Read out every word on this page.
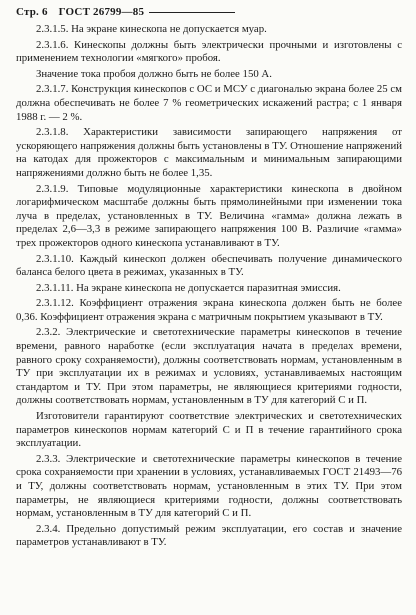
Стр. 6 ГОСТ 26799—85

2.3.1.5. На экране кинескопа не допускается муар.

2.3.1.6. Кинескопы должны быть электрически прочными и изготовлены с применением технологии «мягкого» пробоя.

Значение тока пробоя должно быть не более 150 А.

2.3.1.7. Конструкция кинескопов с ОС и МСУ с диагональю экрана более 25 см должна обеспечивать не более 7 % геометрических искажений растра; с 1 января 1988 г. — 2 %.

2.3.1.8. Характеристики зависимости запирающего напряжения от ускоряющего напряжения должны быть установлены в ТУ. Отношение напряжений на катодах для прожекторов с максимальным и минимальным запирающими напряжениями должно быть не более 1,35.

2.3.1.9. Типовые модуляционные характеристики кинескопа в двойном логарифмическом масштабе должны быть прямолинейными при изменении тока луча в пределах, установленных в ТУ. Величина «гамма» должна лежать в пределах 2,6—3,3 в режиме запирающего напряжения 100 В. Различие «гамма» трех прожекторов одного кинескопа устанавливают в ТУ.

2.3.1.10. Каждый кинескоп должен обеспечивать получение динамического баланса белого цвета в режимах, указанных в ТУ.

2.3.1.11. На экране кинескопа не допускается паразитная эмиссия.

2.3.1.12. Коэффициент отражения экрана кинескопа должен быть не более 0,36. Коэффициент отражения экрана с матричным покрытием указывают в ТУ.

2.3.2. Электрические и светотехнические параметры кинескопов в течение времени, равного наработке (если эксплуатация начата в пределах времени, равного сроку сохраняемости), должны соответствовать нормам, установленным в ТУ при эксплуатации их в режимах и условиях, устанавливаемых настоящим стандартом и ТУ. При этом параметры, не являющиеся критериями годности, должны соответствовать нормам, установленным в ТУ для категорий С и П.

Изготовители гарантируют соответствие электрических и светотехнических параметров кинескопов нормам категорий С и П в течение гарантийного срока эксплуатации.

2.3.3. Электрические и светотехнические параметры кинескопов в течение срока сохраняемости при хранении в условиях, устанавливаемых ГОСТ 21493—76 и ТУ, должны соответствовать нормам, установленным в этих ТУ. При этом параметры, не являющиеся критериями годности, должны соответствовать нормам, установленным в ТУ для категорий С и П.

2.3.4. Предельно допустимый режим эксплуатации, его состав и значение параметров устанавливают в ТУ.
